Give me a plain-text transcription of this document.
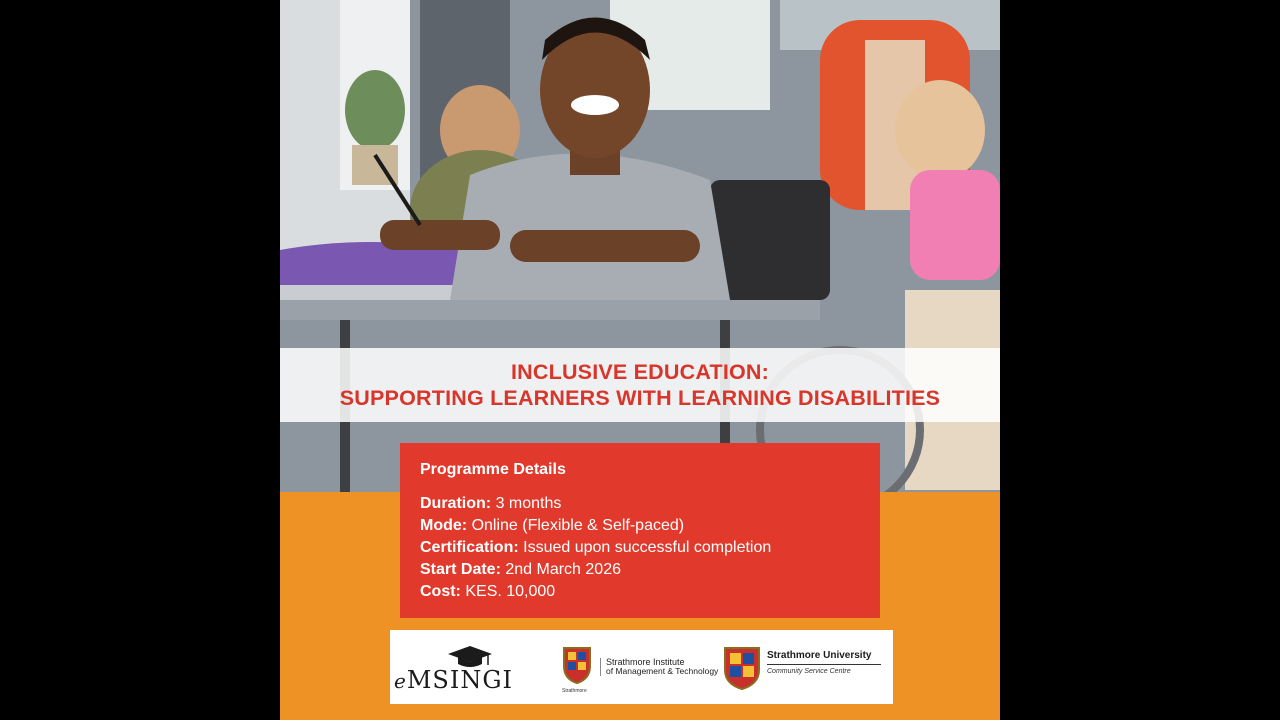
INCLUSIVE EDUCATION:
SUPPORTING LEARNERS WITH LEARNING DISABILITIES
Programme Details
Duration: 3 months
Mode: Online (Flexible & Self-paced)
Certification: Issued upon successful completion
Start Date: 2nd March 2026
Cost: KES. 10,000
eMSINGI
Strathmore Institute
of Management & Technology
Strathmore
Strathmore University
Community Service Centre
